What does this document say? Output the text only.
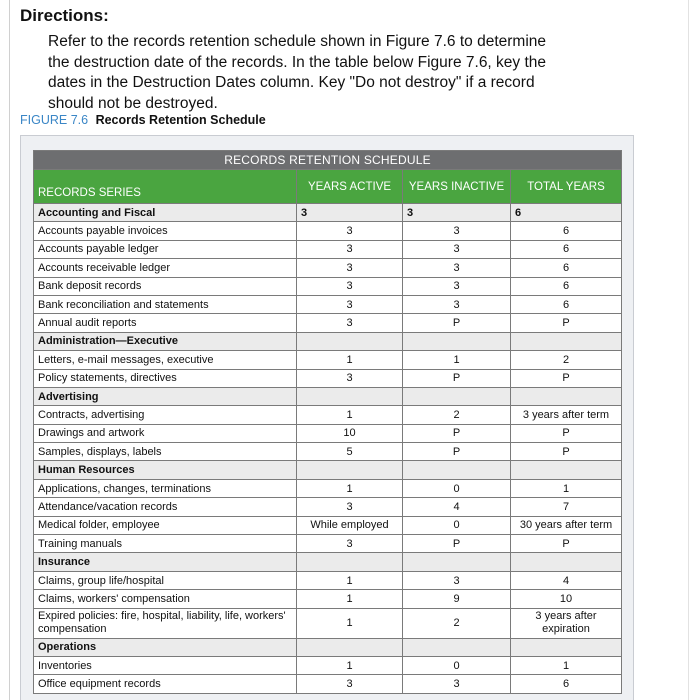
Directions:

Refer to the records retention schedule shown in Figure 7.6 to determine the destruction date of the records. In the table below Figure 7.6, key the dates in the Destruction Dates column. Key "Do not destroy" if a record should not be destroyed.

FIGURE 7.6 Records Retention Schedule
RECORDS RETENTION SCHEDULE			
RECORDS SERIES	YEARS ACTIVE	YEARS INACTIVE	TOTAL YEARS
Accounting and Fiscal	3	3	6
Accounts payable invoices	3	3	6
Accounts payable ledger	3	3	6
Accounts receivable ledger	3	3	6
Bank deposit records	3	3	6
Bank reconciliation and statements	3	3	6
Annual audit reports	3	P	P
Administration—Executive			
Letters, e-mail messages, executive	1	1	2
Policy statements, directives	3	P	P
Advertising			
Contracts, advertising	1	2	3 years after term
Drawings and artwork	10	P	P
Samples, displays, labels	5	P	P
Human Resources			
Applications, changes, terminations	1	0	1
Attendance/vacation records	3	4	7
Medical folder, employee	While employed	0	30 years after term
Training manuals	3	P	P
Insurance			
Claims, group life/hospital	1	3	4
Claims, workers' compensation	1	9	10
Expired policies: fire, hospital, liability, life, workers' compensation	1	2	3 years after expiration
Operations			
Inventories	1	0	1
Office equipment records	3	3	6
